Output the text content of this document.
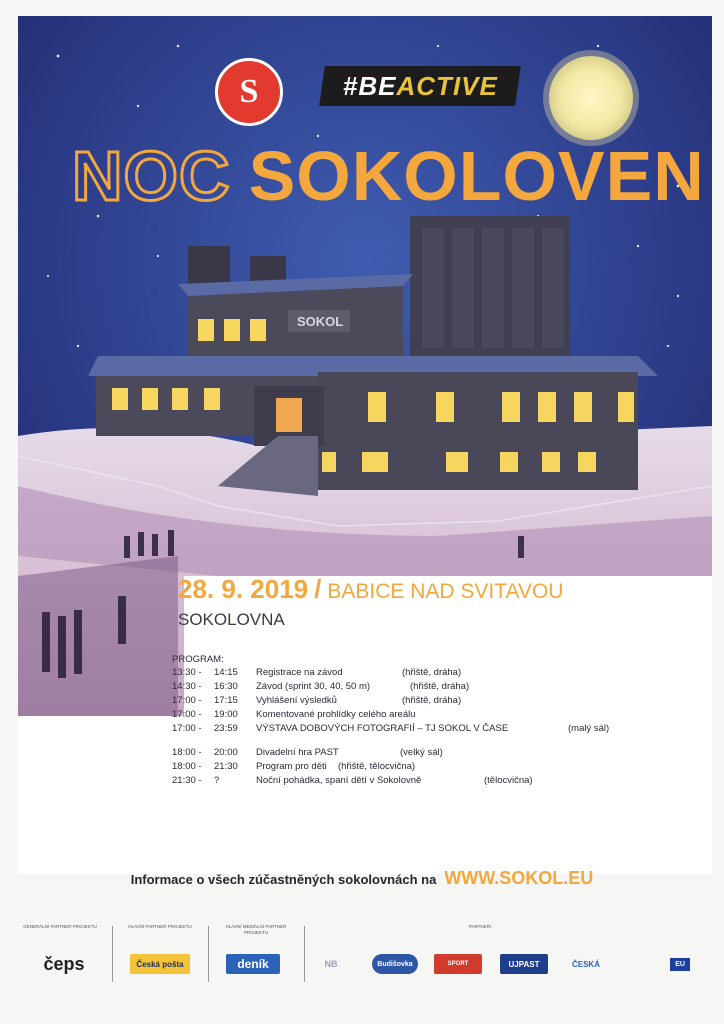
SOKOL
S	#BEACTIVE
NOC SOKOLOVEN
28. 9. 2019 / BABICE NAD SVITAVOU
SOKOLOVNA
PROGRAM:
13:30 - 14:15 Registrace na závod	(hřiště, dráha)
14:30 - 16:30 Závod (sprint 30, 40, 50 m)	(hřiště, dráha)
17:00 - 17:15 Vyhlášení výsledků	(hřiště, dráha)
17:00 - 19:00 Komentované prohlídky celého areálu
17:00 - 23:59 VÝSTAVA DOBOVÝCH FOTOGRAFIÍ – TJ SOKOL V ČASE	(malý sál)
18:00 - 20:00 Divadelní hra PAST	(velký sál)
18:00 - 21:30 Program pro děti (hřiště, tělocvična)
21:30 - ?	Noční pohádka, spaní dětí v Sokolovně	(tělocvična)
Informace o všech zúčastněných sokolovnách na WWW.SOKOL.EU
GENERÁLNÍ PARTNER PROJEKTU
čeps
HLAVNÍ PARTNER PROJEKTU
Česká pošta
HLAVNÍ MEDIÁLNÍ PARTNER PROJEKTU
deník
PARTNEŘI
NB	Budišovka	SPORT	UJPAST	ČESKÁ	EU
